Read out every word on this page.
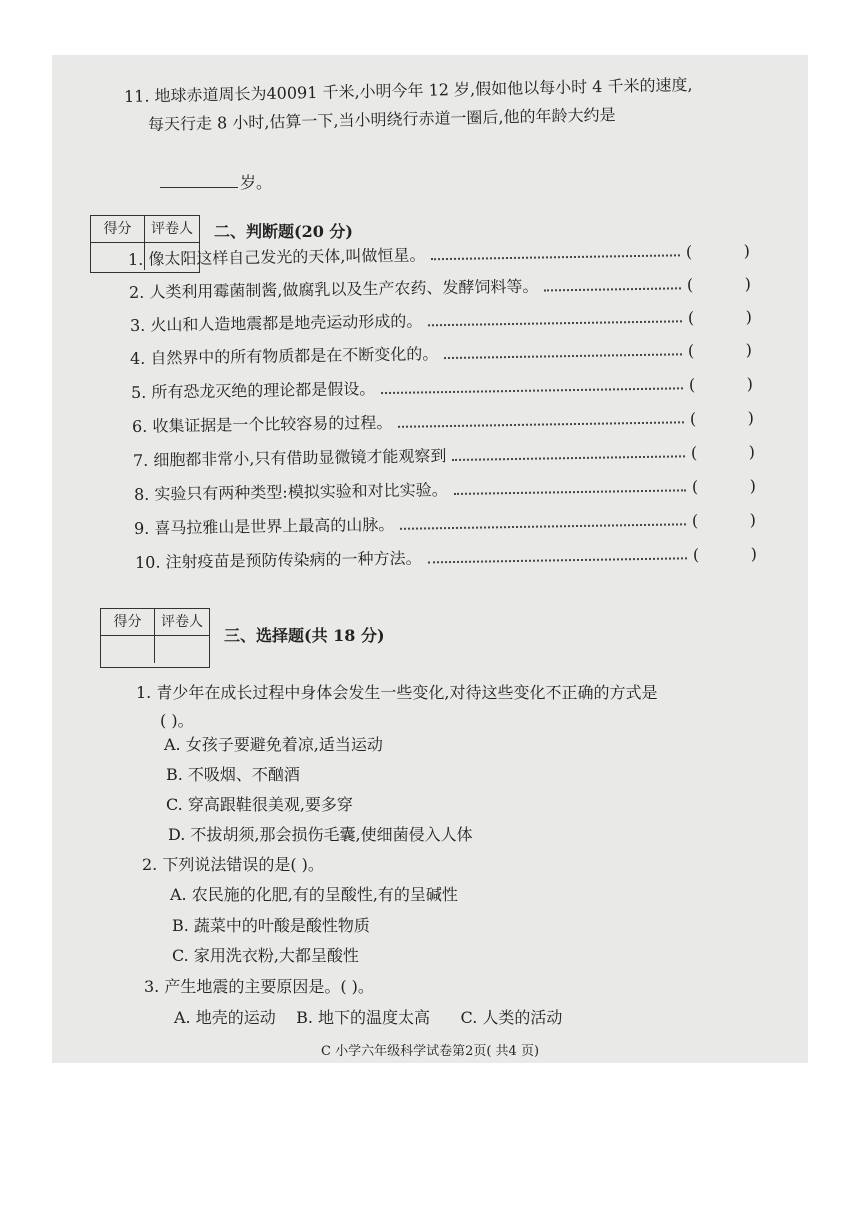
11. 地球赤道周长为40091 千米,小明今年 12 岁,假如他以每小时 4 千米的速度,
每天行走 8 小时,估算一下,当小明绕行赤道一圈后,他的年龄大约是
岁。
得分	评卷人	二、判断题(20 分)
1. 像太阳这样自己发光的天体,叫做恒星。	(	)
2. 人类利用霉菌制酱,做腐乳以及生产农药、发酵饲料等。	(	)
3. 火山和人造地震都是地壳运动形成的。	(	)
4. 自然界中的所有物质都是在不断变化的。	(	)
5. 所有恐龙灭绝的理论都是假设。	(	)
6. 收集证据是一个比较容易的过程。	(	)
7. 细胞都非常小,只有借助显微镜才能观察到	(	)
8. 实验只有两种类型:模拟实验和对比实验。	(	)
9. 喜马拉雅山是世界上最高的山脉。	(	)
10. 注射疫苗是预防传染病的一种方法。	(	)
得分	评卷人
三、选择题(共 18 分)
1. 青少年在成长过程中身体会发生一些变化,对待这些变化不正确的方式是
( )。
A. 女孩子要避免着凉,适当运动
B. 不吸烟、不酗酒
C. 穿高跟鞋很美观,要多穿
D. 不拔胡须,那会损伤毛囊,使细菌侵入人体
2. 下列说法错误的是( )。
A. 农民施的化肥,有的呈酸性,有的呈碱性
B. 蔬菜中的叶酸是酸性物质
C. 家用洗衣粉,大都呈酸性
3. 产生地震的主要原因是。( )。
A. 地壳的运动    B. 地下的温度太高      C. 人类的活动
C 小学六年级科学试卷第2页( 共4 页)
